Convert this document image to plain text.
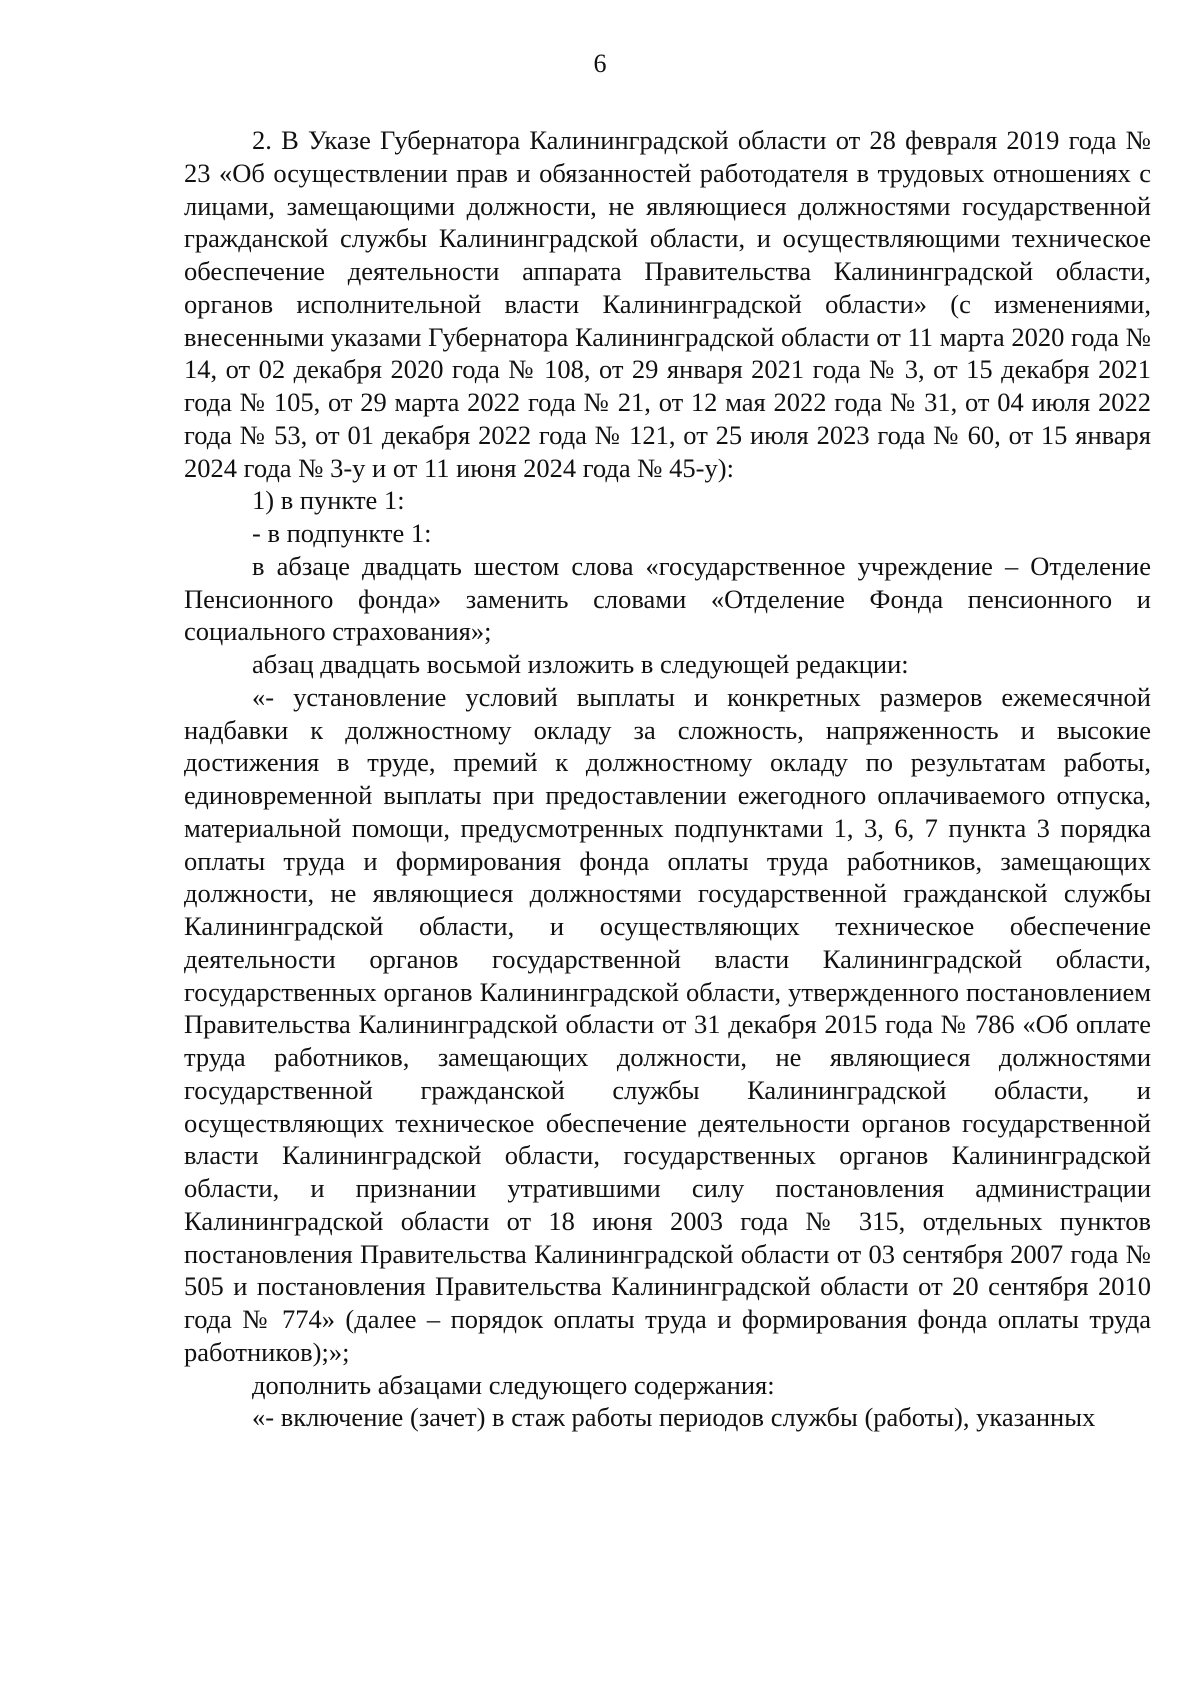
6

2. В Указе Губернатора Калининградской области от 28 февраля 2019 года № 23 «Об осуществлении прав и обязанностей работодателя в трудовых отношениях с лицами, замещающими должности, не являющиеся должностями государственной гражданской службы Калининградской области, и осуществляющими техническое обеспечение деятельности аппарата Правительства Калининградской области, органов исполнительной власти Калининградской области» (с изменениями, внесенными указами Губернатора Калининградской области от 11 марта 2020 года № 14, от 02 декабря 2020 года № 108, от 29 января 2021 года № 3, от 15 декабря 2021 года № 105, от 29 марта 2022 года № 21, от 12 мая 2022 года № 31, от 04 июля 2022 года № 53, от 01 декабря 2022 года № 121, от 25 июля 2023 года № 60, от 15 января 2024 года № 3-у и от 11 июня 2024 года № 45-у):

1) в пункте 1:

- в подпункте 1:

в абзаце двадцать шестом слова «государственное учреждение – Отделение Пенсионного фонда» заменить словами «Отделение Фонда пенсионного и социального страхования»;

абзац двадцать восьмой изложить в следующей редакции:

«- установление условий выплаты и конкретных размеров ежемесячной надбавки к должностному окладу за сложность, напряженность и высокие достижения в труде, премий к должностному окладу по результатам работы, единовременной выплаты при предоставлении ежегодного оплачиваемого отпуска, материальной помощи, предусмотренных подпунктами 1, 3, 6, 7 пункта 3 порядка оплаты труда и формирования фонда оплаты труда работников, замещающих должности, не являющиеся должностями государственной гражданской службы Калининградской области, и осуществляющих техническое обеспечение деятельности органов государственной власти Калининградской области, государственных органов Калининградской области, утвержденного постановлением Правительства Калининградской области от 31 декабря 2015 года № 786 «Об оплате труда работников, замещающих должности, не являющиеся должностями государственной гражданской службы Калининградской области, и осуществляющих техническое обеспечение деятельности органов государственной власти Калининградской области, государственных органов Калининградской области, и признании утратившими силу постановления администрации Калининградской области от 18 июня 2003 года № 315, отдельных пунктов постановления Правительства Калининградской области от 03 сентября 2007 года № 505 и постановления Правительства Калининградской области от 20 сентября 2010 года № 774» (далее – порядок оплаты труда и формирования фонда оплаты труда работников);»;

дополнить абзацами следующего содержания:

«- включение (зачет) в стаж работы периодов службы (работы), указанных
